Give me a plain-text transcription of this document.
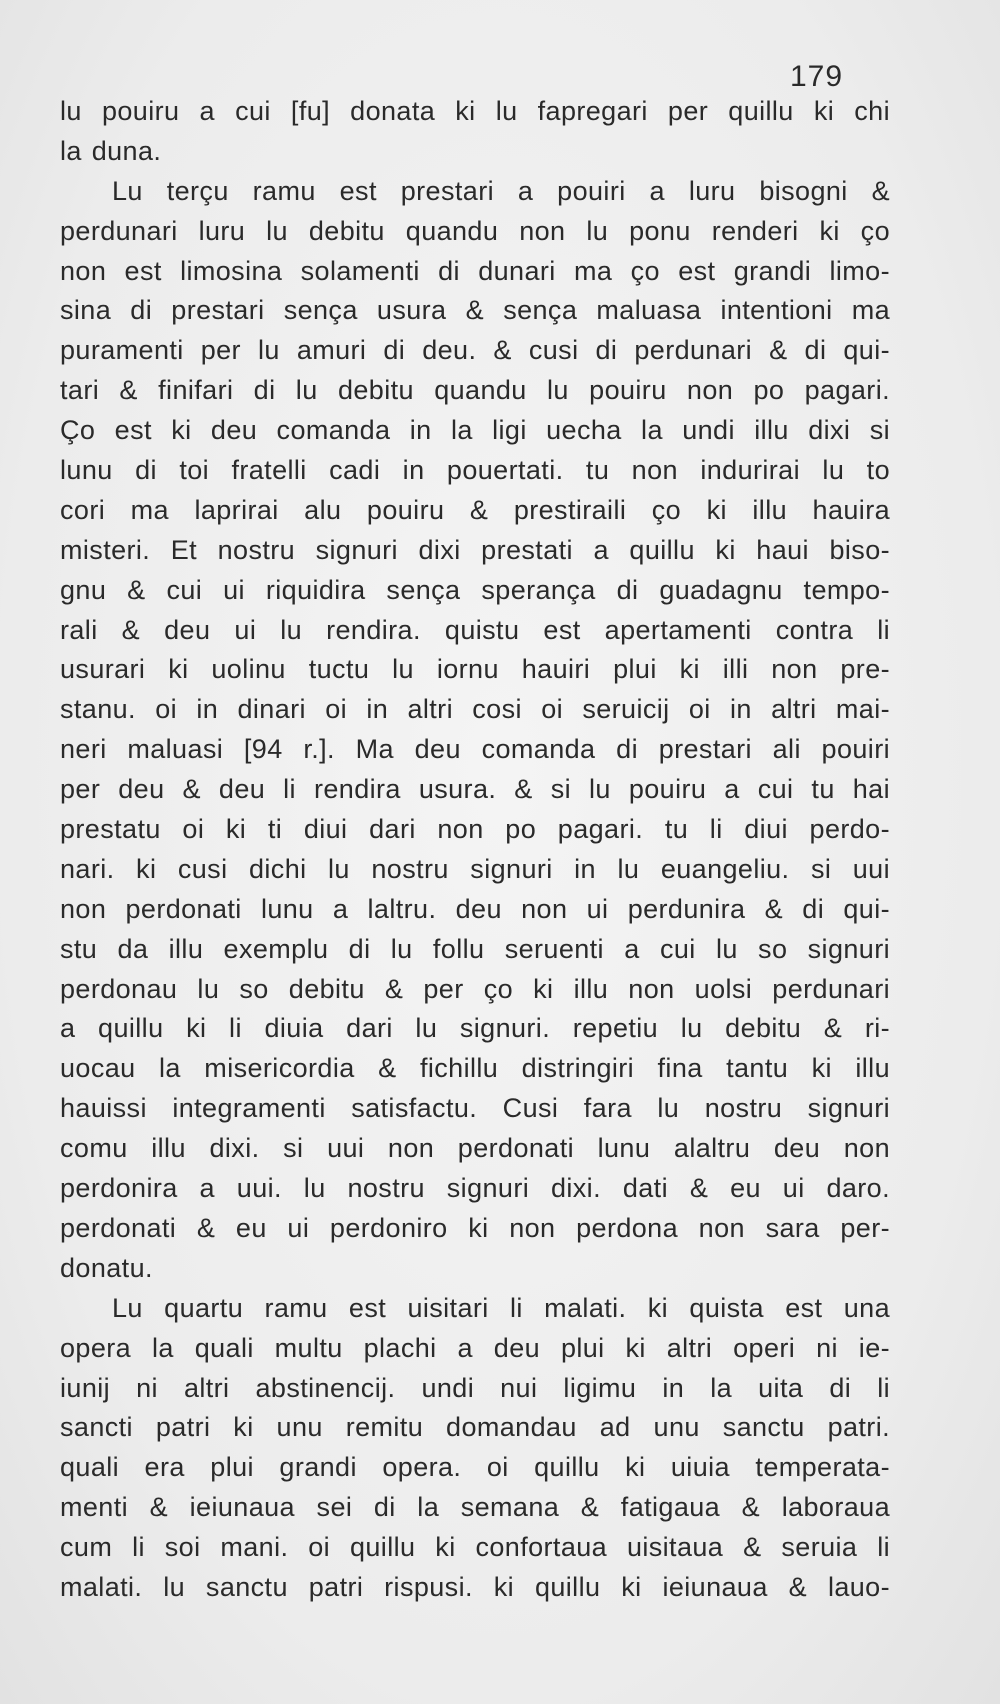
179
lu pouiru a cui [fu] donata ki lu fapregari per quillu ki chi
la duna.
Lu terçu ramu est prestari a pouiri a luru bisogni &
perdunari luru lu debitu quandu non lu ponu renderi ki ço
non est limosina solamenti di dunari ma ço est grandi limo-
sina di prestari sença usura & sença maluasa intentioni ma
puramenti per lu amuri di deu. & cusi di perdunari & di qui-
tari & finifari di lu debitu quandu lu pouiru non po pagari.
Ço est ki deu comanda in la ligi uecha la undi illu dixi si
lunu di toi fratelli cadi in pouertati. tu non indurirai lu to
cori ma laprirai alu pouiru & prestiraili ço ki illu hauira
misteri. Et nostru signuri dixi prestati a quillu ki haui biso-
gnu & cui ui riquidira sença sperança di guadagnu tempo-
rali & deu ui lu rendira. quistu est apertamenti contra li
usurari ki uolinu tuctu lu iornu hauiri plui ki illi non pre-
stanu. oi in dinari oi in altri cosi oi seruicij oi in altri mai-
neri maluasi [94 r.]. Ma deu comanda di prestari ali pouiri
per deu & deu li rendira usura. & si lu pouiru a cui tu hai
prestatu oi ki ti diui dari non po pagari. tu li diui perdo-
nari. ki cusi dichi lu nostru signuri in lu euangeliu. si uui
non perdonati lunu a laltru. deu non ui perdunira & di qui-
stu da illu exemplu di lu follu seruenti a cui lu so signuri
perdonau lu so debitu & per ço ki illu non uolsi perdunari
a quillu ki li diuia dari lu signuri. repetiu lu debitu & ri-
uocau la misericordia & fichillu distringiri fina tantu ki illu
hauissi integramenti satisfactu. Cusi fara lu nostru signuri
comu illu dixi. si uui non perdonati lunu alaltru deu non
perdonira a uui. lu nostru signuri dixi. dati & eu ui daro.
perdonati & eu ui perdoniro ki non perdona non sara per-
donatu.
Lu quartu ramu est uisitari li malati. ki quista est una
opera la quali multu plachi a deu plui ki altri operi ni ie-
iunij ni altri abstinencij. undi nui ligimu in la uita di li
sancti patri ki unu remitu domandau ad unu sanctu patri.
quali era plui grandi opera. oi quillu ki uiuia temperata-
menti & ieiunaua sei di la semana & fatigaua & laboraua
cum li soi mani. oi quillu ki confortaua uisitaua & seruia li
malati. lu sanctu patri rispusi. ki quillu ki ieiunaua & lauo-
